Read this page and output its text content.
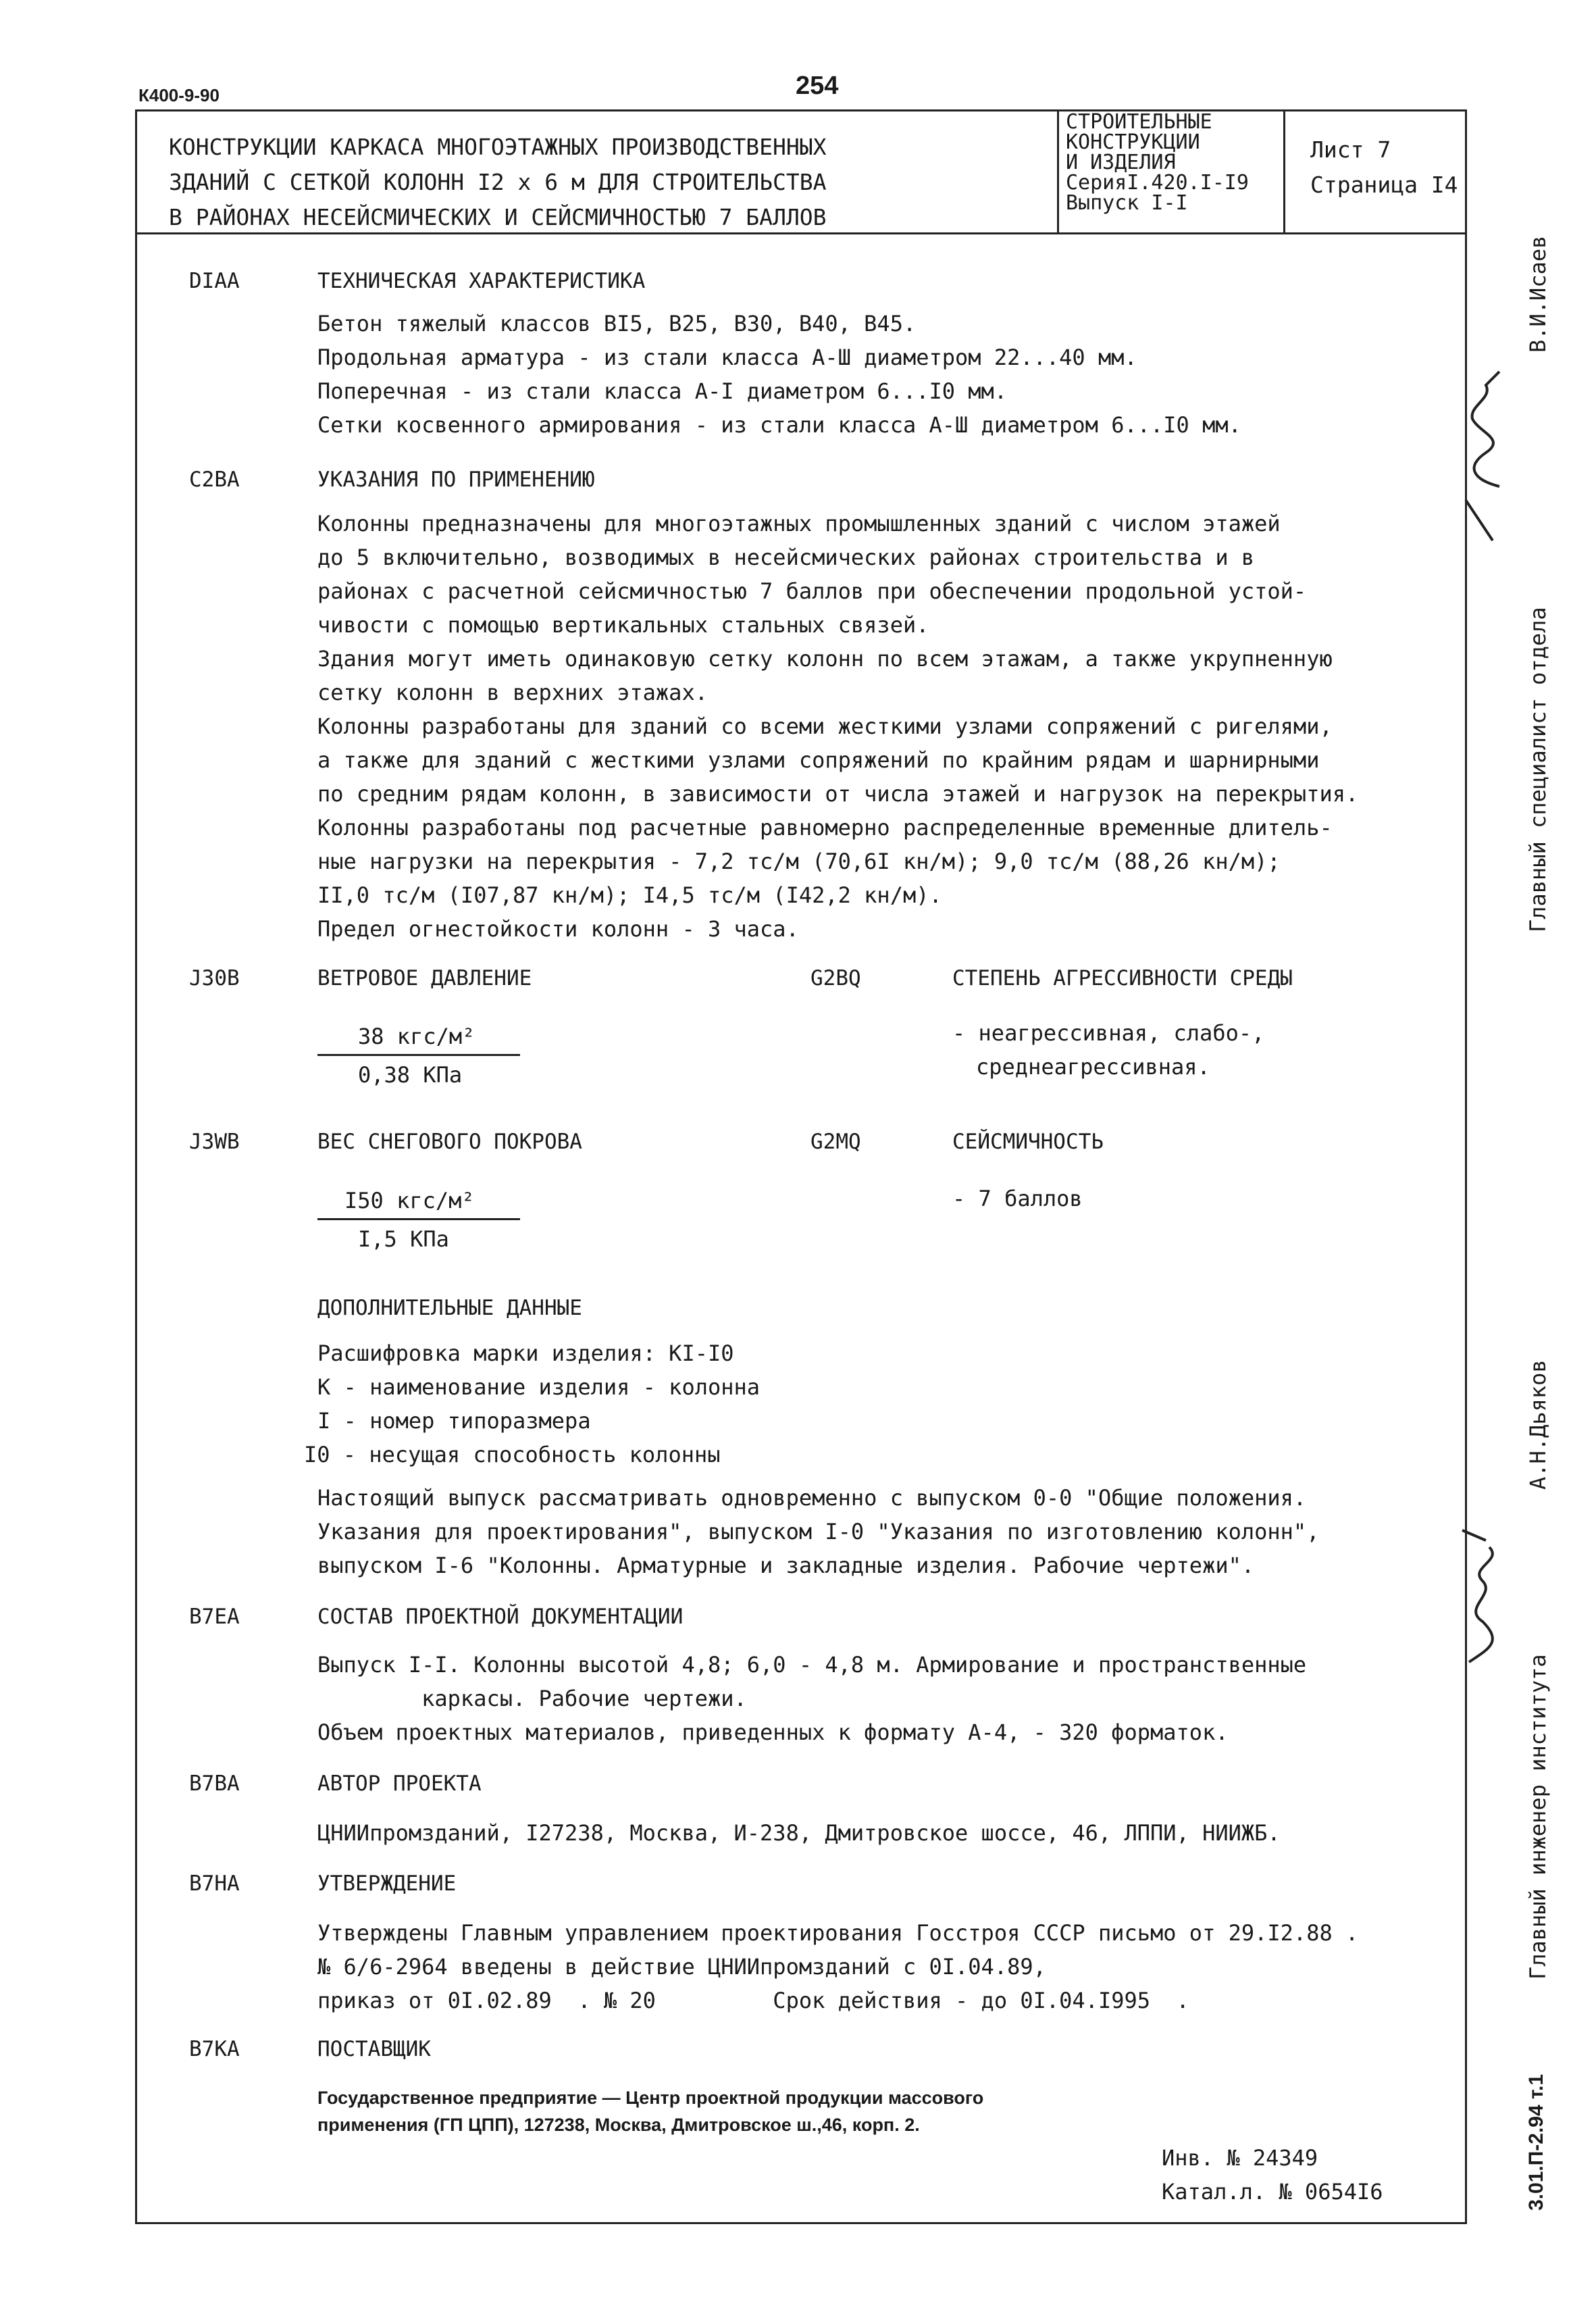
К400-9-90	254
КОНСТРУКЦИИ КАРКАСА МНОГОЭТАЖНЫХ ПРОИЗВОДСТВЕННЫХ
ЗДАНИЙ С СЕТКОЙ КОЛОНН I2 x 6 м ДЛЯ СТРОИТЕЛЬСТВА
В РАЙОНАХ НЕСЕЙСМИЧЕСКИХ И СЕЙСМИЧНОСТЬЮ 7 БАЛЛОВ
СТРОИТЕЛЬНЫЕ
КОНСТРУКЦИИ
И ИЗДЕЛИЯ
СерияI.420.I-I9
Выпуск I-I
Лист 7
Страница I4
В.И.Исаев
Главный специалист отдела
А.Н.Дьяков
Главный инженер института
3.01.П-2.94 т.1
DIAA	ТЕХНИЧЕСКАЯ ХАРАКТЕРИСТИКА
Бетон тяжелый классов BI5, B25, B30, B40, B45.
Продольная арматура - из стали класса А-Ш диаметром 22...40 мм.
Поперечная - из стали класса А-I диаметром 6...I0 мм.
Сетки косвенного армирования - из стали класса А-Ш диаметром 6...I0 мм.
C2BA	УКАЗАНИЯ ПО ПРИМЕНЕНИЮ
Колонны предназначены для многоэтажных промышленных зданий с числом этажей
до 5 включительно, возводимых в несейсмических районах строительства и в
районах с расчетной сейсмичностью 7 баллов при обеспечении продольной устой-
чивости с помощью вертикальных стальных связей.
Здания могут иметь одинаковую сетку колонн по всем этажам, а также укрупненную
сетку колонн в верхних этажах.
Колонны разработаны для зданий со всеми жесткими узлами сопряжений с ригелями,
а также для зданий с жесткими узлами сопряжений по крайним рядам и шарнирными
по средним рядам колонн, в зависимости от числа этажей и нагрузок на перекрытия.
Колонны разработаны под расчетные равномерно распределенные временные длитель-
ные нагрузки на перекрытия - 7,2 тс/м (70,6I кн/м); 9,0 тс/м (88,26 кн/м);
II,0 тс/м (I07,87 кн/м); I4,5 тс/м (I42,2 кн/м).
Предел огнестойкости колонн - 3 часа.
J30B	ВЕТРОВОЕ ДАВЛЕНИЕ
38 кгс/м²
0,38 КПа
G2BQ	СТЕПЕНЬ АГРЕССИВНОСТИ СРЕДЫ
- неагрессивная, слабо-,
среднеагрессивная.
J3WB	ВЕС СНЕГОВОГО ПОКРОВА
I50 кгс/м²
I,5 КПа
G2MQ	СЕЙСМИЧНОСТЬ
- 7 баллов
ДОПОЛНИТЕЛЬНЫЕ ДАННЫЕ
Расшифровка марки изделия: КI-I0
К - наименование изделия - колонна
I - номер типоразмера
I0 - несущая способность колонны
Настоящий выпуск рассматривать одновременно с выпуском 0-0 "Общие положения.
Указания для проектирования", выпуском I-0 "Указания по изготовлению колонн",
выпуском I-6 "Колонны. Арматурные и закладные изделия. Рабочие чертежи".
B7EA	СОСТАВ ПРОЕКТНОЙ ДОКУМЕНТАЦИИ
Выпуск I-I. Колонны высотой 4,8; 6,0 - 4,8 м. Армирование и пространственные
каркасы. Рабочие чертежи.
Объем проектных материалов, приведенных к формату А-4, - 320 форматок.
B7BA	АВТОР ПРОЕКТА
ЦНИИпромзданий, I27238, Москва, И-238, Дмитровское шоссе, 46, ЛППИ, НИИЖБ.
B7HA	УТВЕРЖДЕНИЕ
Утверждены Главным управлением проектирования Госстроя СССР письмо от 29.I2.88 .
№ 6/6-2964 введены в действие ЦНИИпромзданий с 0I.04.89,
приказ от 0I.02.89  . № 20         Срок действия - до 0I.04.I995  .
B7KA	ПОСТАВЩИК
Государственное предприятие — Центр проектной продукции массового
применения (ГП ЦПП), 127238, Москва, Дмитровское ш.,46, корп. 2.
Инв. № 24349
Катал.л. № 0654I6
